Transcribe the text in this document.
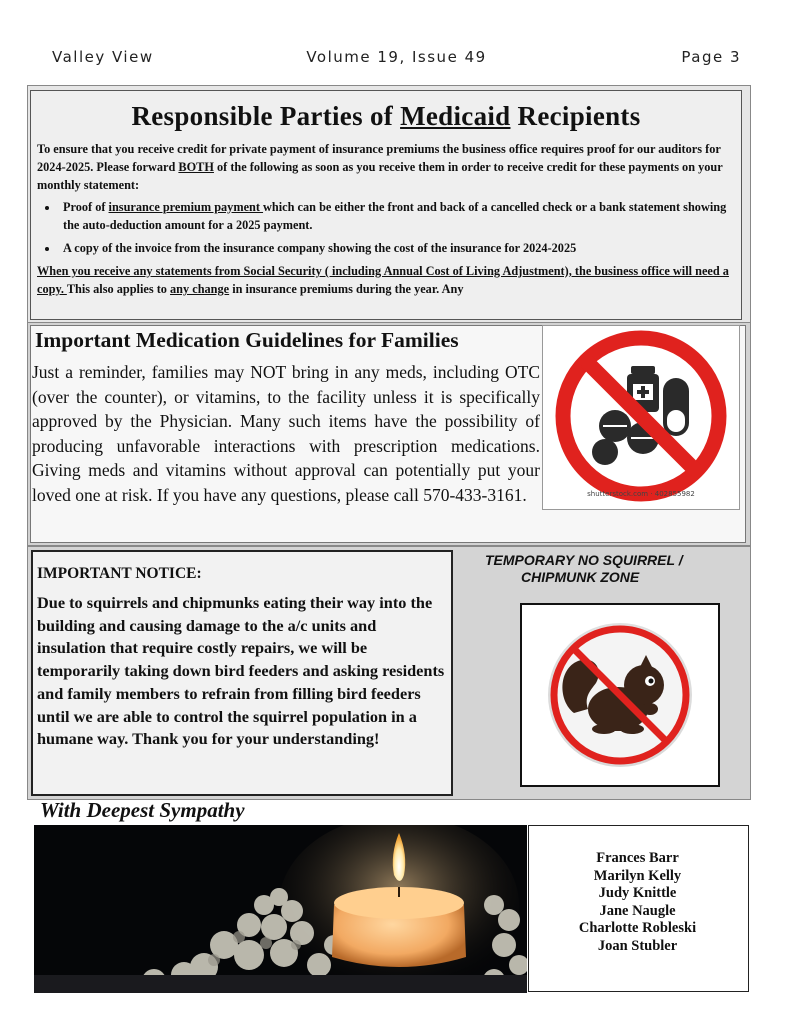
Valley View	Volume 19, Issue 49	Page 3
Responsible Parties of Medicaid Recipients

To ensure that you receive credit for private payment of insurance premiums the business office requires proof for our auditors for 2024-2025. Please forward BOTH of the following as soon as you receive them in order to receive credit for these payments on your monthly statement:

• Proof of insurance premium payment which can be either the front and back of a cancelled check or a bank statement showing the auto-deduction amount for a 2025 payment.
• A copy of the invoice from the insurance company showing the cost of the insurance for 2024-2025

When you receive any statements from Social Security ( including Annual Cost of Living Adjustment), the business office will need a copy. This also applies to any change in insurance premiums during the year. Any

Important Medication Guidelines for Families
Just a reminder, families may NOT bring in any meds, including OTC (over the counter), or vitamins, to the facility unless it is specifically approved by the Physician. Many such items have the possibility of producing unfavorable interactions with prescription medications. Giving meds and vitamins without approval can potentially put your loved one at risk. If you have any questions, please call 570-433-3161.	shutterstock.com · 402855982
IMPORTANT NOTICE:
Due to squirrels and chipmunks eating their way into the building and causing damage to the a/c units and insulation that require costly repairs, we will be temporarily taking down bird feeders and asking residents and family members to refrain from filling bird feeders until we are able to control the squirrel population in a humane way. Thank you for your understanding!
TEMPORARY NO SQUIRREL /
CHIPMUNK ZONE
With Deepest Sympathy
Frances Barr
Marilyn Kelly
Judy Knittle
Jane Naugle
Charlotte Robleski
Joan Stubler
